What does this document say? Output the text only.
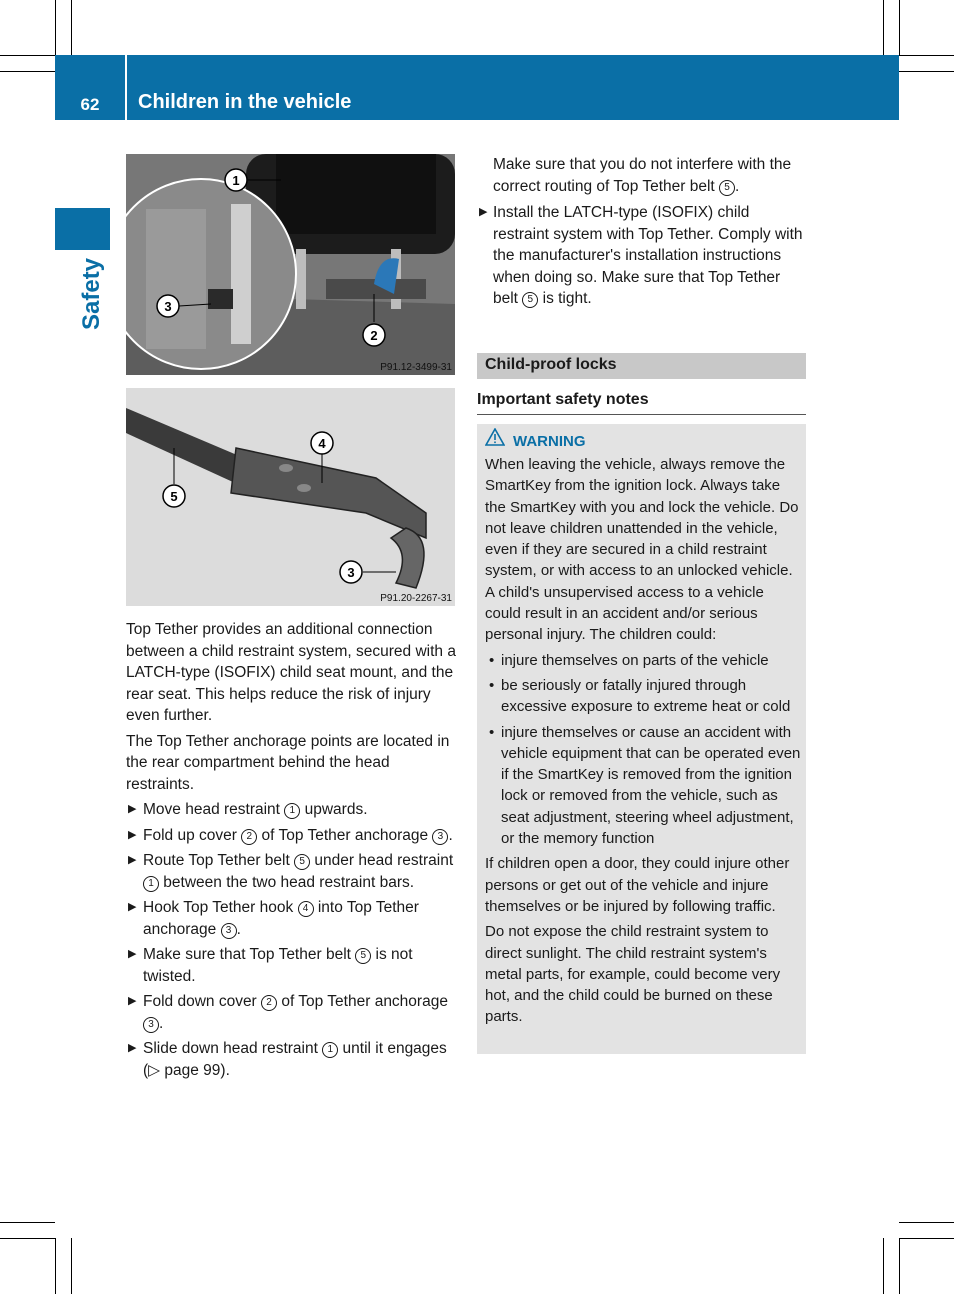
62	Children in the vehicle
Safety
1
2
3
P91.12-3499-31
4
5
3
P91.20-2267-31

Top Tether provides an additional connection between a child restraint system, secured with a LATCH-type (ISOFIX) child seat mount, and the rear seat. This helps reduce the risk of injury even further.

The Top Tether anchorage points are located in the rear compartment behind the head restraints.

▶ Move head restraint 1 upwards.
▶ Fold up cover 2 of Top Tether anchorage 3 .
▶ Route Top Tether belt 5 under head restraint 1 between the two head restraint bars.
▶ Hook Top Tether hook 4 into Top Tether anchorage 3 .
▶ Make sure that Top Tether belt 5 is not twisted.
▶ Fold down cover 2 of Top Tether anchorage 3 .
▶ Slide down head restraint 1 until it engages (▷ page 99).

Make sure that you do not interfere with the correct routing of Top Tether belt 5 .

▶ Install the LATCH-type (ISOFIX) child restraint system with Top Tether. Comply with the manufacturer's installation instructions when doing so. Make sure that Top Tether belt 5 is tight.
Child-proof locks
Important safety notes
WARNING

When leaving the vehicle, always remove the SmartKey from the ignition lock. Always take the SmartKey with you and lock the vehicle. Do not leave children unattended in the vehicle, even if they are secured in a child restraint system, or with access to an unlocked vehicle. A child's unsupervised access to a vehicle could result in an accident and/or serious personal injury. The children could:

• injure themselves on parts of the vehicle
• be seriously or fatally injured through excessive exposure to extreme heat or cold
• injure themselves or cause an accident with vehicle equipment that can be operated even if the SmartKey is removed from the ignition lock or removed from the vehicle, such as seat adjustment, steering wheel adjustment, or the memory function

If children open a door, they could injure other persons or get out of the vehicle and injure themselves or be injured by following traffic.

Do not expose the child restraint system to direct sunlight. The child restraint system's metal parts, for example, could become very hot, and the child could be burned on these parts.
